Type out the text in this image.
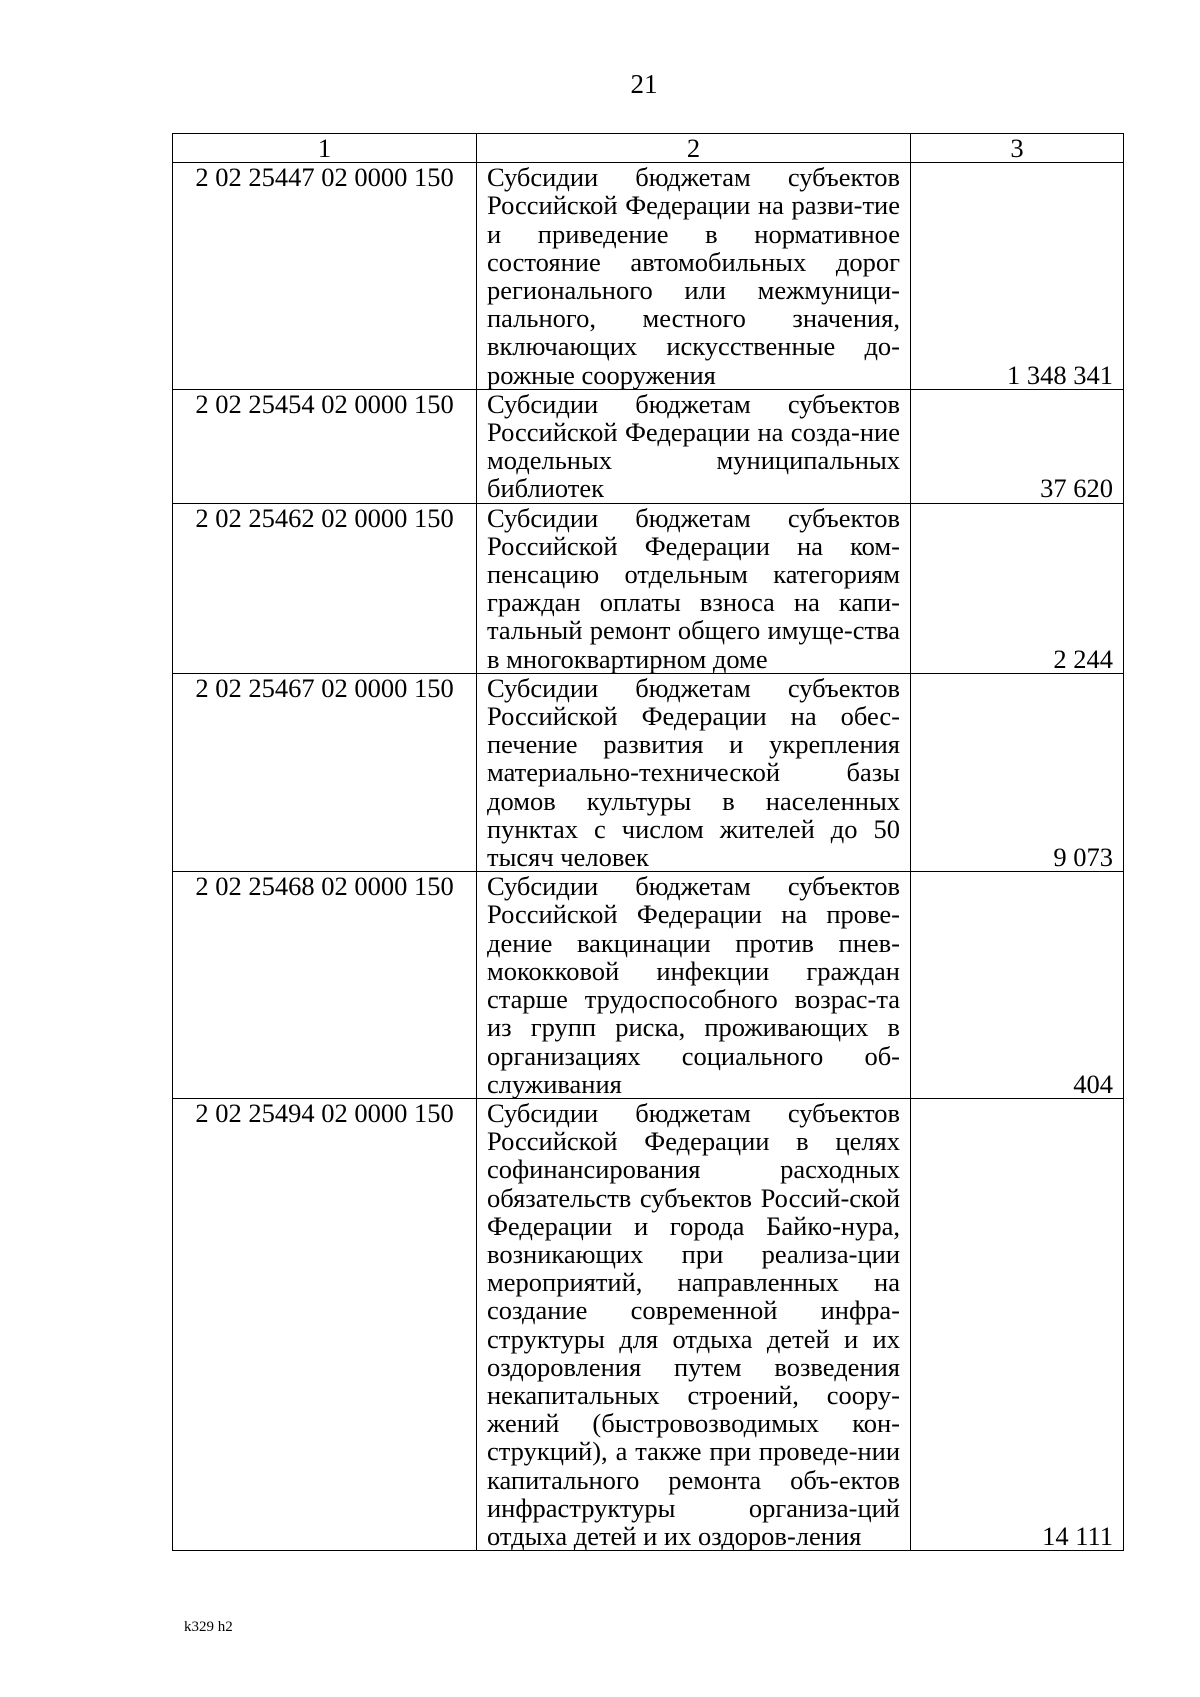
21
1	2	3
2 02 25447 02 0000 150	Субсидии бюджетам субъектов Российской Федерации на разви-тие и приведение в нормативное состояние автомобильных дорог регионального или межмуници-пального, местного значения, включающих искусственные до-рожные сооружения	1 348 341
2 02 25454 02 0000 150	Субсидии бюджетам субъектов Российской Федерации на созда-ние модельных муниципальных библиотек	37 620
2 02 25462 02 0000 150	Субсидии бюджетам субъектов Российской Федерации на ком-пенсацию отдельным категориям граждан оплаты взноса на капи-тальный ремонт общего имуще-ства в многоквартирном доме	2 244
2 02 25467 02 0000 150	Субсидии бюджетам субъектов Российской Федерации на обес-печение развития и укрепления материально-технической базы домов культуры в населенных пунктах с числом жителей до 50 тысяч человек	9 073
2 02 25468 02 0000 150	Субсидии бюджетам субъектов Российской Федерации на прове-дение вакцинации против пнев-мококковой инфекции граждан старше трудоспособного возрас-та из групп риска, проживающих в организациях социального об-служивания	404
2 02 25494 02 0000 150	Субсидии бюджетам субъектов Российской Федерации в целях софинансирования расходных обязательств субъектов Россий-ской Федерации и города Байко-нура, возникающих при реализа-ции мероприятий, направленных на создание современной инфра-структуры для отдыха детей и их оздоровления путем возведения некапитальных строений, соору-жений (быстровозводимых кон-струкций), а также при проведе-нии капитального ремонта объ-ектов инфраструктуры организа-ций отдыха детей и их оздоров-ления	14 111
k329 h2
